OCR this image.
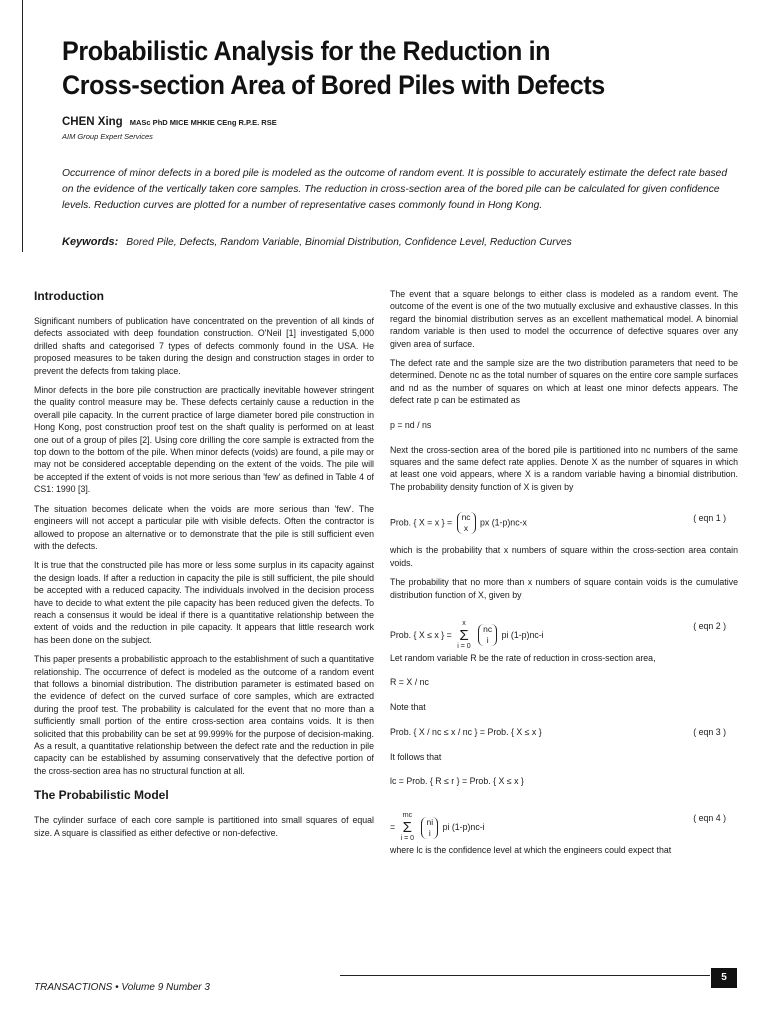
Probabilistic Analysis for the Reduction in
Cross-section Area of Bored Piles with Defects
CHEN Xing MASc PhD MICE MHKIE CEng R.P.E. RSE
AIM Group Expert Services
Occurrence of minor defects in a bored pile is modeled as the outcome of random event. It is possible to accurately estimate the defect rate based on the evidence of the vertically taken core samples. The reduction in cross-section area of the bored pile can be calculated for given confidence levels. Reduction curves are plotted for a number of representative cases commonly found in Hong Kong.
Keywords: Bored Pile, Defects, Random Variable, Binomial Distribution, Confidence Level, Reduction Curves
Introduction

Significant numbers of publication have concentrated on the prevention of all kinds of defects associated with deep foundation construction. O'Neil [1] investigated 5,000 drilled shafts and categorised 7 types of defects commonly found in the USA. He proposed measures to be taken during the design and construction stages in order to prevent the defects from taking place.

Minor defects in the bore pile construction are practically inevitable however stringent the quality control measure may be. These defects certainly cause a reduction in the overall pile capacity. In the current practice of large diameter bored pile construction in Hong Kong, post construction proof test on the shaft quality is performed on at least one out of a group of piles [2]. Using core drilling the core sample is extracted from the top down to the bottom of the pile. When minor defects (voids) are found, a pile may or may not be considered acceptable depending on the extent of the voids. The pile will be accepted if the extent of voids is not more serious than 'few' as defined in Table 4 of CS1: 1990 [3].

The situation becomes delicate when the voids are more serious than 'few'. The engineers will not accept a particular pile with visible defects. Often the contractor is allowed to propose an alternative or to demonstrate that the pile is still sufficient even with the defects.

It is true that the constructed pile has more or less some surplus in its capacity against the design loads. If after a reduction in capacity the pile is still sufficient, the pile should be accepted with a reduced capacity. The individuals involved in the decision process have to decide to what extent the pile capacity has been reduced given the defects. To reach a consensus it would be ideal if there is a quantitative relationship between the extent of voids and the reduction in pile capacity. It appears that little research work has been done on the subject.

This paper presents a probabilistic approach to the establishment of such a quantitative relationship. The occurrence of defect is modeled as the outcome of a random event that follows a binomial distribution. The distribution parameter is estimated based on the evidence of defect on the curved surface of core samples, which are extracted during the proof test. The probability is calculated for the event that no more than a sufficiently small portion of the entire cross-section area contains voids. It is then solicited that this probability can be set at 99.999% for the purpose of decision-making. As a result, a quantitative relationship between the defect rate and the reduction in pile capacity can be established by assuming conservatively that the defective portion of the cross-section area has no structural function at all.

The Probabilistic Model

The cylinder surface of each core sample is partitioned into small squares of equal size. A square is classified as either defective or non-defective.

The event that a square belongs to either class is modeled as a random event. The outcome of the event is one of the two mutually exclusive and exhaustive classes. In this regard the binomial distribution serves as an excellent mathematical model. A binomial random variable is then used to model the occurrence of defective squares over any given area of surface.

The defect rate and the sample size are the two distribution parameters that need to be determined. Denote nc as the total number of squares on the entire core sample surfaces and nd as the number of squares on which at least one minor defects appears. The defect rate p can be estimated as

p = nd / ns

Next the cross-section area of the bored pile is partitioned into nc numbers of the same squares and the same defect rate applies. Denote X as the number of squares in which at least one void appears, where X is a random variable having a binomial distribution. The probability density function of X is given by

Prob. { X = x } = nc
x px (1-p)nc-x	( eqn 1 )

which is the probability that x numbers of square within the cross-section area contain voids.

The probability that no more than x numbers of square contain voids is the cumulative distribution function of X, given by

Prob. { X ≤ x } = x
Σ
i = 0 nc
i pi (1-p)nc-i
( eqn 2 )

Let random variable R be the rate of reduction in cross-section area,

R = X / nc

Note that

Prob. { X / nc ≤ x / nc } = Prob. { X ≤ x }	( eqn 3 )

It follows that

lc = Prob. { R ≤ r } = Prob. { X ≤ x }
= rnc
Σ
i = 0 ni
i pi (1-p)nc-i
( eqn 4 )

where lc is the confidence level at which the engineers could expect that

TRANSACTIONS • Volume 9 Number 3
5
